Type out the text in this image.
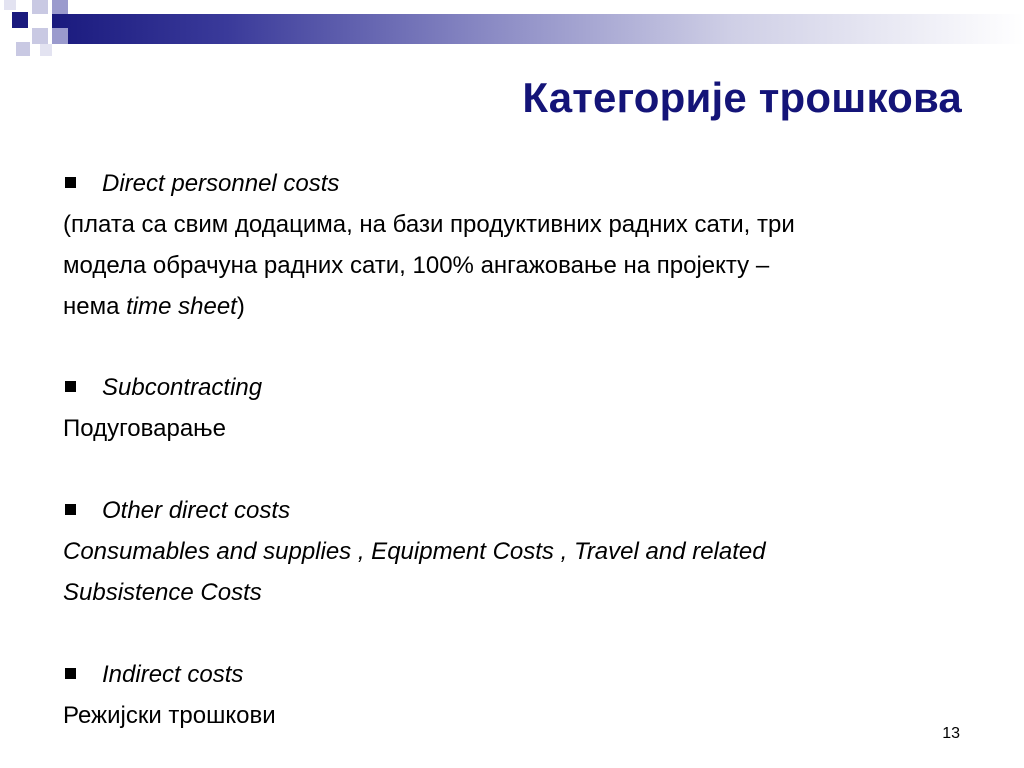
Категорије трошкова
Direct personnel costs
(плата са свим додацима, на бази продуктивних радних сати, три
модела обрачуна радних сати, 100% ангажовање на пројекту –
нема time sheet)
Subcontracting
Подуговарање
Other direct costs
Consumables and supplies , Equipment Costs , Travel and related
Subsistence Costs
Indirect costs
Режијски трошкови
13
